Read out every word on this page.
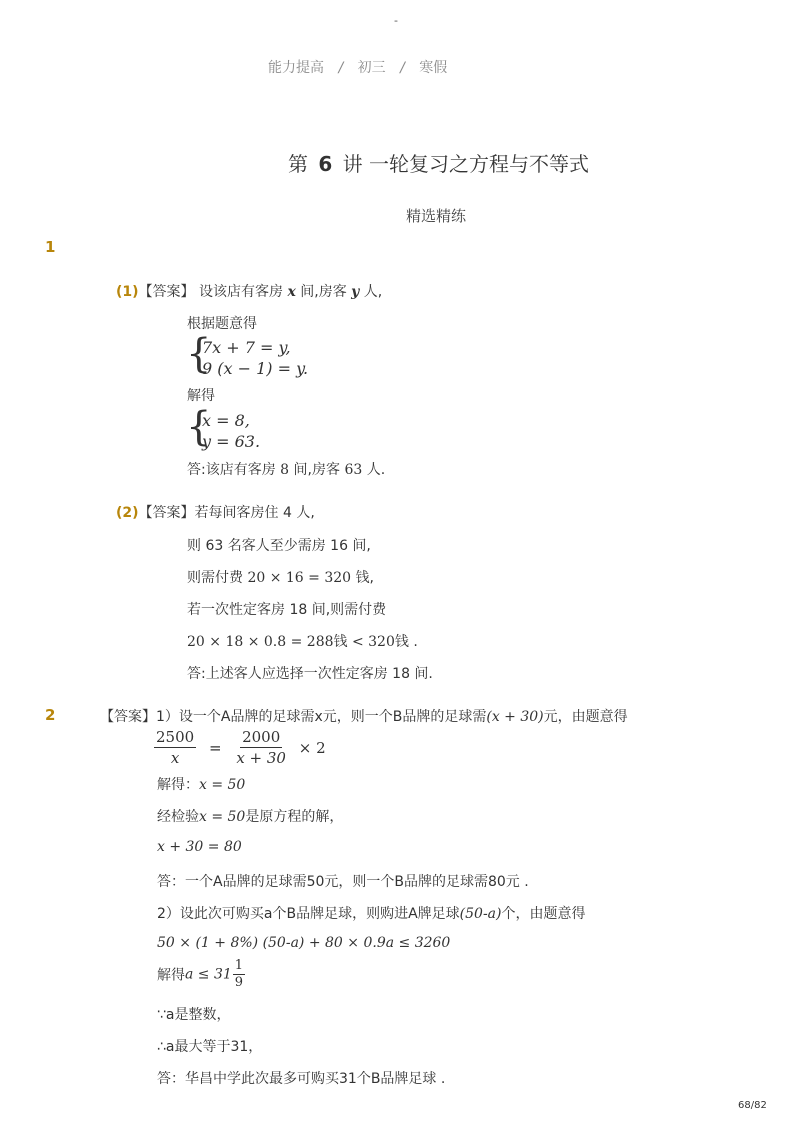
-
能力提高 / 初三 / 寒假
第 6 讲 一轮复习之方程与不等式
精选精练
1
(1)【答案】 设该店有客房 x 间,房客 y 人,
根据题意得
{
7x + 7 = y,
9 (x − 1) = y.
解得
{
x = 8,
y = 63.
答:该店有客房 8 间,房客 63 人.
(2)【答案】若每间客房住 4 人,
则 63 名客人至少需房 16 间,
则需付费 20 × 16 = 320 钱,
若一次性定客房 18 间,则需付费
20 × 18 × 0.8 = 288钱 < 320钱 .
答:上述客人应选择一次性定客房 18 间.
2	【答案】1）设一个A品牌的足球需x元，则一个B品牌的足球需(x + 30)元，由题意得
$\frac{2500}{x} = \frac{2000}{x + 30} \times 2$
解得：x = 50
经检验x = 50是原方程的解，
x + 30 = 80
答：一个A品牌的足球需50元，则一个B品牌的足球需80元 .
2）设此次可购买a个B品牌足球，则购进A牌足球(50-a)个，由题意得
50 × (1 + 8%) (50-a) + 80 × 0.9a ≤ 3260
解得$a \le 31 \frac{1}{9}$
∵a是整数，
∴a最大等于31，
答：华昌中学此次最多可购买31个B品牌足球 .
68/82
